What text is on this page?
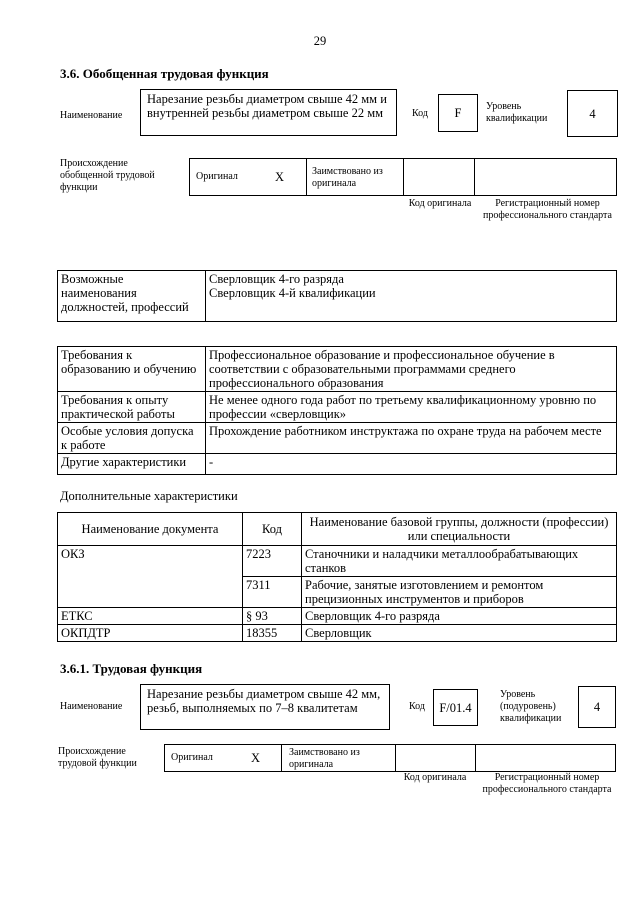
29
3.6. Обобщенная трудовая функция
Наименование
Нарезание резьбы диаметром свыше 42 мм и внутренней резьбы диаметром свыше 22 мм	Код	F	Уровень квалификации	4
Происхождение обобщенной трудовой функции
Оригинал	X	Заимствовано из оригинала
Код оригинала	Регистрационный номер профессионального стандарта
Возможные наименования должностей, профессий	
Сверловщик 4-го разряда
Сверловщик 4-й квалификации
Требования к образованию и обучению	Профессиональное образование и профессиональное обучение в соответствии с образовательными программами среднего профессионального образования
Требования к опыту практической работы	Не менее одного года работ по третьему квалификационному уровню по профессии «сверловщик»
Особые условия допуска к работе	Прохождение работником инструктажа по охране труда на рабочем месте
Другие характеристики	-
Дополнительные характеристики
Наименование документа	Код	Наименование базовой группы, должности (профессии) или специальности
ОКЗ	7223	Станочники и наладчики металлообрабатывающих станков
	7311	Рабочие, занятые изготовлением и ремонтом прецизионных инструментов и приборов
ЕТКС	§ 93	Сверловщик 4-го разряда
ОКПДТР	18355	Сверловщик
3.6.1. Трудовая функция
Наименование
Нарезание резьбы диаметром свыше 42 мм, резьб, выполняемых по 7–8 квалитетам	Код	F/01.4
Уровень (подуровень) квалификации
4
Происхождение трудовой функции
Оригинал	X	Заимствовано из оригинала
Код оригинала	Регистрационный номер профессионального стандарта
